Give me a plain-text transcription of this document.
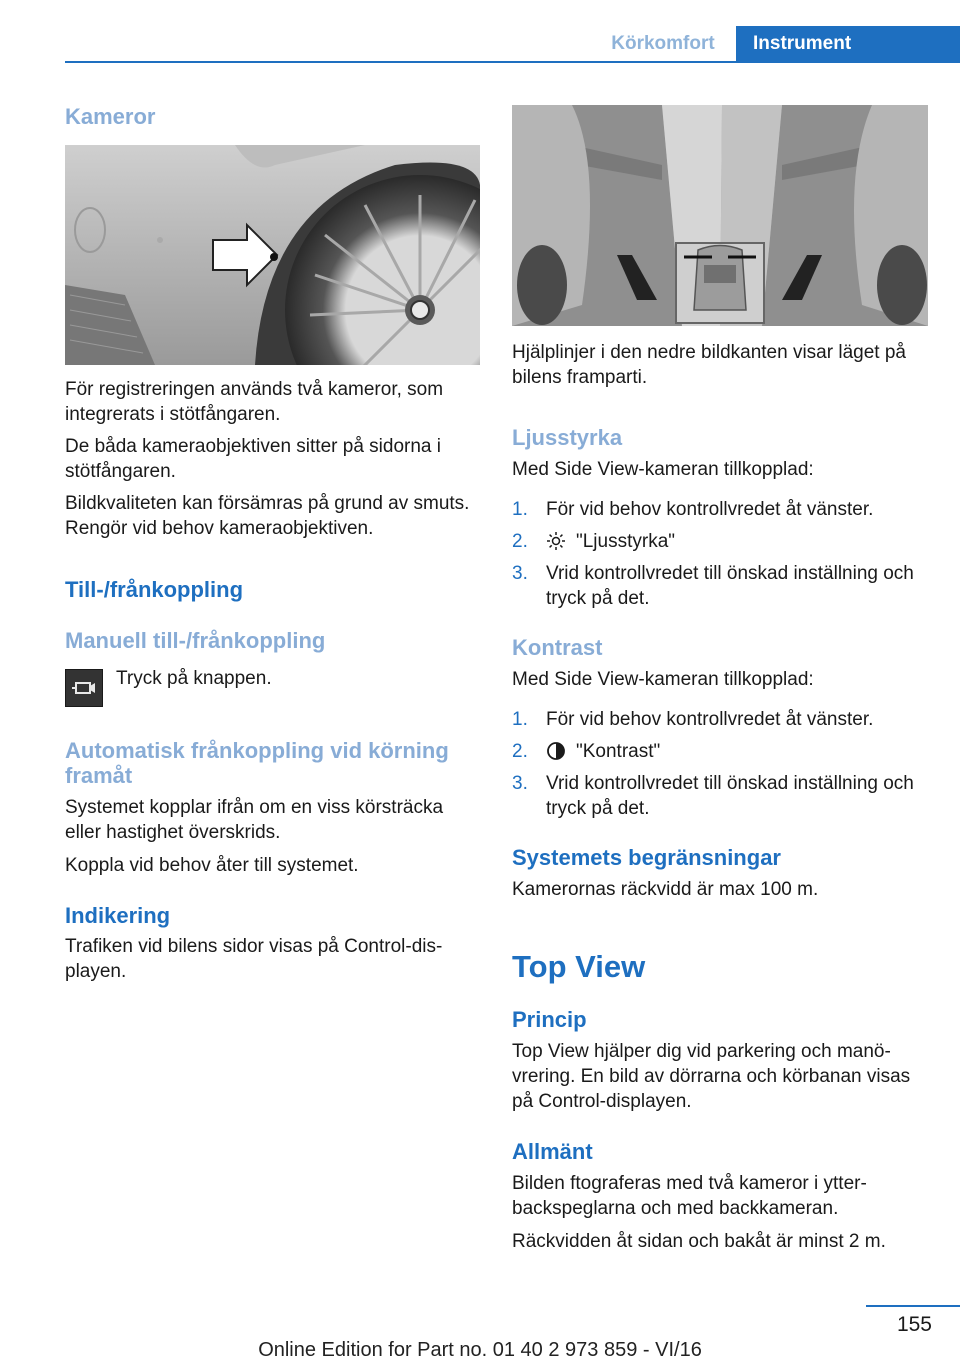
Körkomfort	Instrument
Kameror
För registreringen används två kameror, som integrerats i stötfångaren.
De båda kameraobjektiven sitter på sidorna i stötfångaren.
Bildkvaliteten kan försämras på grund av smuts. Rengör vid behov kameraobjektiven.
Till-/frånkoppling
Manuell till-/frånkoppling
Tryck på knappen.
Automatisk frånkoppling vid körning framåt
Systemet kopplar ifrån om en viss körsträcka eller hastighet överskrids.
Koppla vid behov åter till systemet.
Indikering
Trafiken vid bilens sidor visas på Control-displayen.
Hjälplinjer i den nedre bildkanten visar läget på bilens framparti.
Ljusstyrka
Med Side View-kameran tillkopplad:
1. För vid behov kontrollvredet åt vänster.
2.	"Ljusstyrka"
3. Vrid kontrollvredet till önskad inställning och tryck på det.
Kontrast
Med Side View-kameran tillkopplad:
1. För vid behov kontrollvredet åt vänster.
2.	"Kontrast"
3. Vrid kontrollvredet till önskad inställning och tryck på det.
Systemets begränsningar
Kamerornas räckvidd är max 100 m.
Top View
Princip
Top View hjälper dig vid parkering och manövrering. En bild av dörrarna och körbanan visas på Control-displayen.
Allmänt
Bilden ftograferas med två kameror i ytterbackspeglarna och med backkameran.
Räckvidden åt sidan och bakåt är minst 2 m.
155
Online Edition for Part no. 01 40 2 973 859 - VI/16
